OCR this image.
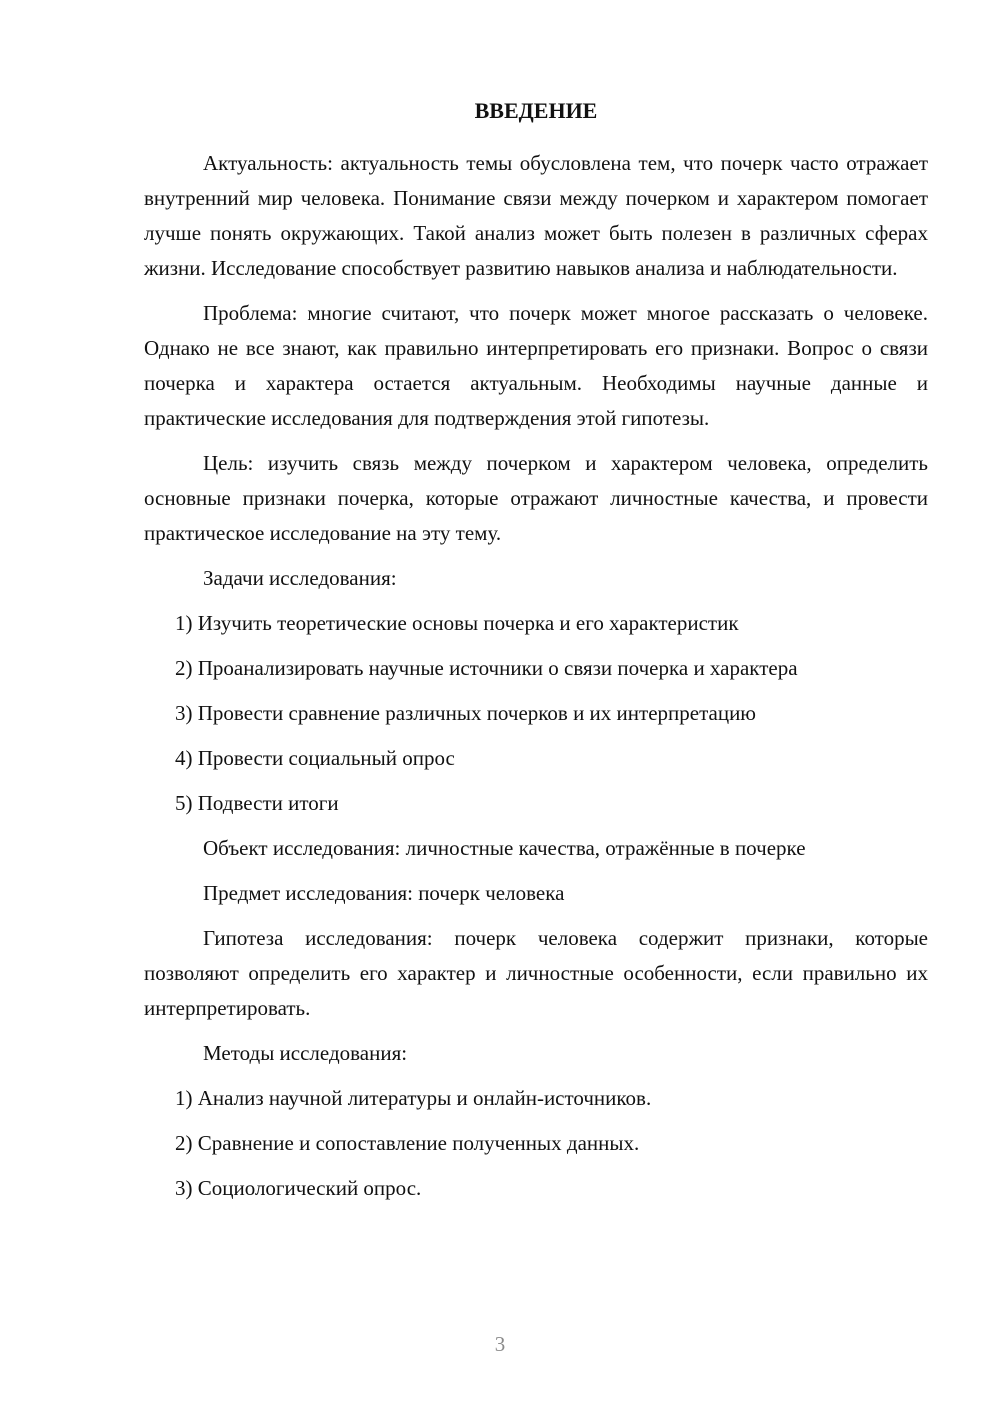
ВВЕДЕНИЕ

Актуальность: актуальность темы обусловлена тем, что почерк часто отражает внутренний мир человека. Понимание связи между почерком и характером помогает лучше понять окружающих. Такой анализ может быть полезен в различных сферах жизни. Исследование способствует развитию навыков анализа и наблюдательности.

Проблема: многие считают, что почерк может многое рассказать о человеке. Однако не все знают, как правильно интерпретировать его признаки. Вопрос о связи почерка и характера остается актуальным. Необходимы научные данные и практические исследования для подтверждения этой гипотезы.

Цель: изучить связь между почерком и характером человека, определить основные признаки почерка, которые отражают личностные качества, и провести практическое исследование на эту тему.

Задачи исследования:

1) Изучить теоретические основы почерка и его характеристик
2) Проанализировать научные источники о связи почерка и характера
3) Провести сравнение различных почерков и их интерпретацию
4) Провести социальный опрос
5) Подвести итоги

Объект исследования: личностные качества, отражённые в почерке

Предмет исследования: почерк человека

Гипотеза исследования: почерк человека содержит признаки, которые позволяют определить его характер и личностные особенности, если правильно их интерпретировать.

Методы исследования:

1) Анализ научной литературы и онлайн-источников.
2) Сравнение и сопоставление полученных данных.
3) Социологический опрос.
3
